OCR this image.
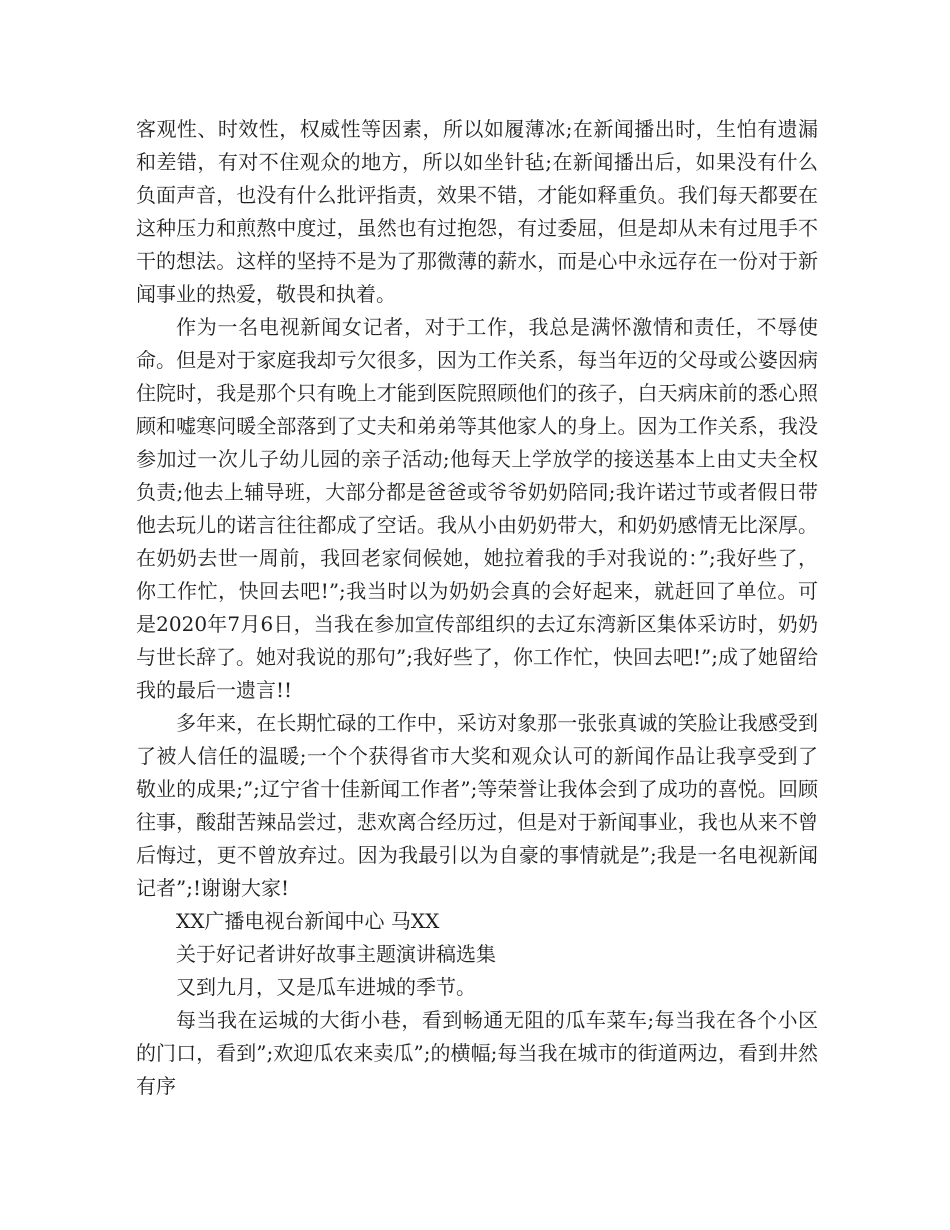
客观性、时效性，权威性等因素，所以如履薄冰;在新闻播出时，生怕有遗漏和差错，有对不住观众的地方，所以如坐针毡;在新闻播出后，如果没有什么负面声音，也没有什么批评指责，效果不错，才能如释重负。我们每天都要在这种压力和煎熬中度过，虽然也有过抱怨，有过委屈，但是却从未有过甩手不干的想法。这样的坚持不是为了那微薄的薪水，而是心中永远存在一份对于新闻事业的热爱，敬畏和执着。

作为一名电视新闻女记者，对于工作，我总是满怀激情和责任，不辱使命。但是对于家庭我却亏欠很多，因为工作关系，每当年迈的父母或公婆因病住院时，我是那个只有晚上才能到医院照顾他们的孩子，白天病床前的悉心照顾和嘘寒问暖全部落到了丈夫和弟弟等其他家人的身上。因为工作关系，我没参加过一次儿子幼儿园的亲子活动;他每天上学放学的接送基本上由丈夫全权负责;他去上辅导班，大部分都是爸爸或爷爷奶奶陪同;我许诺过节或者假日带他去玩儿的诺言往往都成了空话。我从小由奶奶带大，和奶奶感情无比深厚。在奶奶去世一周前，我回老家伺候她，她拉着我的手对我说的：”;我好些了，你工作忙，快回去吧!”;我当时以为奶奶会真的会好起来，就赶回了单位。可是2020年7月6日，当我在参加宣传部组织的去辽东湾新区集体采访时，奶奶与世长辞了。她对我说的那句”;我好些了，你工作忙，快回去吧!”;成了她留给我的最后一遗言!!

多年来，在长期忙碌的工作中，采访对象那一张张真诚的笑脸让我感受到了被人信任的温暖;一个个获得省市大奖和观众认可的新闻作品让我享受到了敬业的成果;”;辽宁省十佳新闻工作者”;等荣誉让我体会到了成功的喜悦。回顾往事，酸甜苦辣品尝过，悲欢离合经历过，但是对于新闻事业，我也从来不曾后悔过，更不曾放弃过。因为我最引以为自豪的事情就是”;我是一名电视新闻记者”;!谢谢大家!

XX广播电视台新闻中心 马XX

关于好记者讲好故事主题演讲稿选集

又到九月，又是瓜车进城的季节。

每当我在运城的大街小巷，看到畅通无阻的瓜车菜车;每当我在各个小区的门口，看到”;欢迎瓜农来卖瓜”;的横幅;每当我在城市的街道两边，看到井然有序
